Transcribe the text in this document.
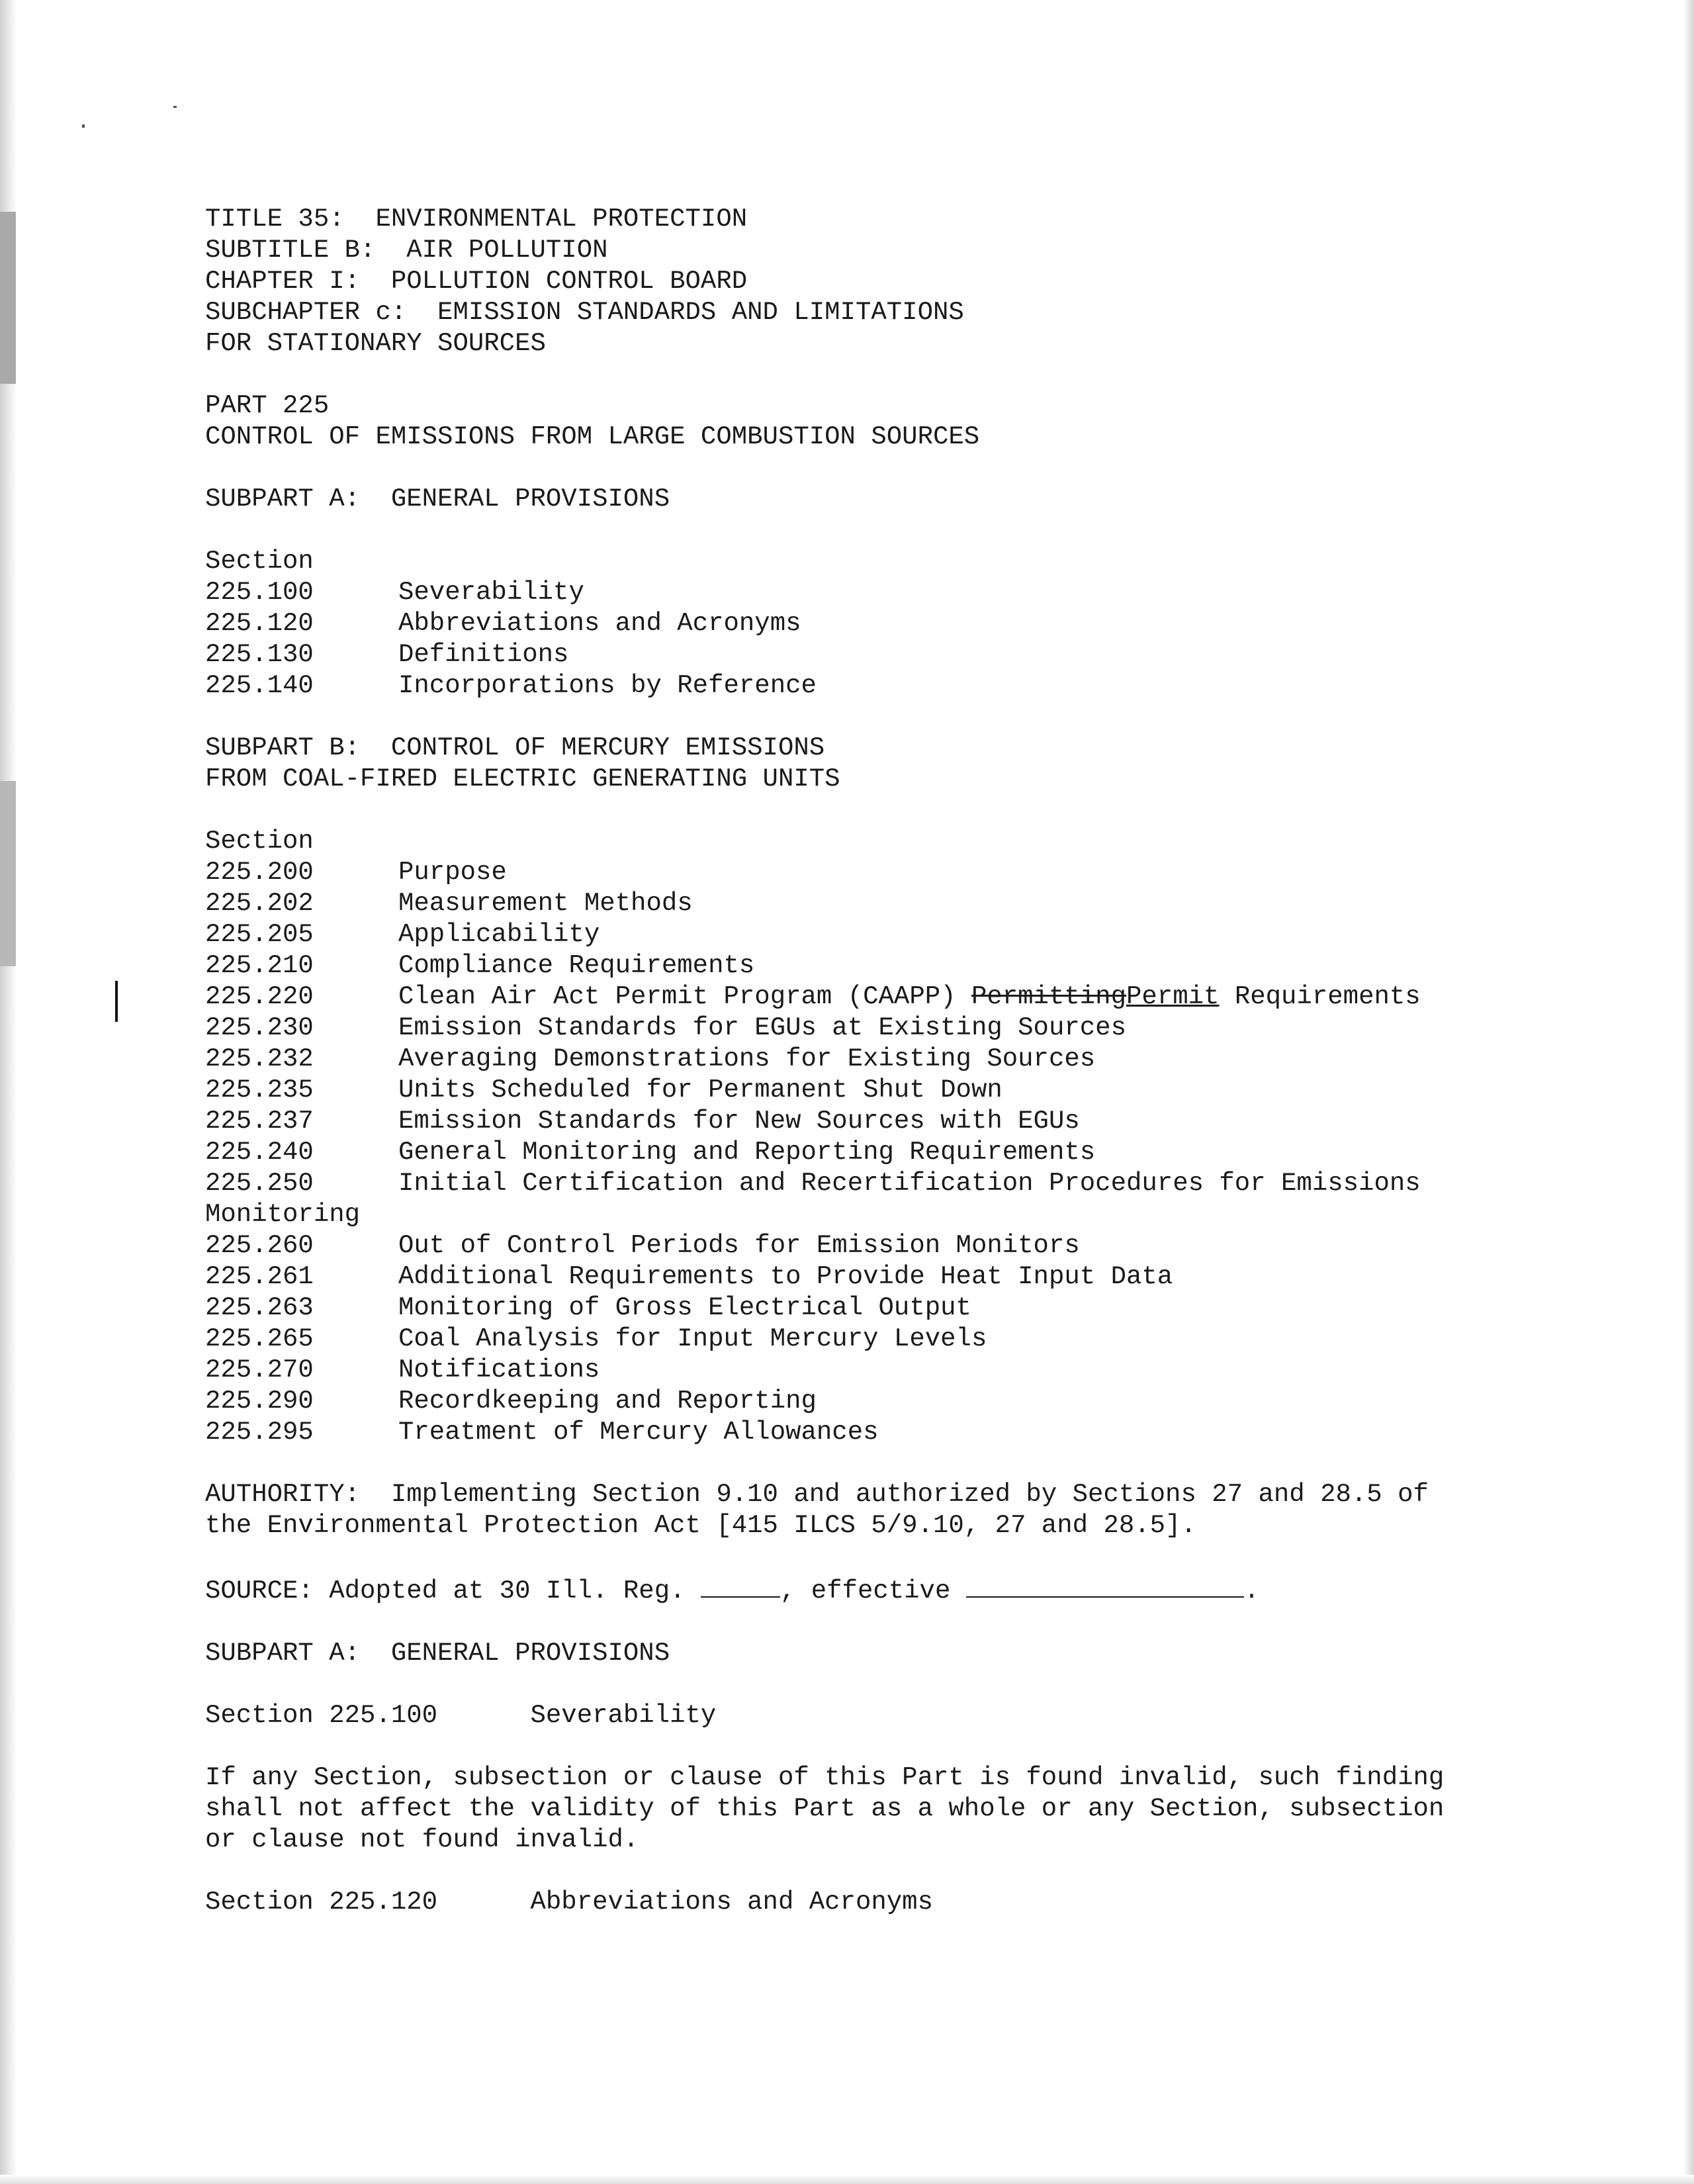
TITLE 35:  ENVIRONMENTAL PROTECTION
SUBTITLE B:  AIR POLLUTION
CHAPTER I:  POLLUTION CONTROL BOARD
SUBCHAPTER c:  EMISSION STANDARDS AND LIMITATIONS
FOR STATIONARY SOURCES
PART 225
CONTROL OF EMISSIONS FROM LARGE COMBUSTION SOURCES
SUBPART A:  GENERAL PROVISIONS
Section
225.100	Severability
225.120	Abbreviations and Acronyms
225.130	Definitions
225.140	Incorporations by Reference
SUBPART B:  CONTROL OF MERCURY EMISSIONS
FROM COAL-FIRED ELECTRIC GENERATING UNITS
Section
225.200	Purpose
225.202	Measurement Methods
225.205	Applicability
225.210	Compliance Requirements
225.220	Clean Air Act Permit Program (CAAPP) PermittingPermit Requirements
225.230	Emission Standards for EGUs at Existing Sources
225.232	Averaging Demonstrations for Existing Sources
225.235	Units Scheduled for Permanent Shut Down
225.237	Emission Standards for New Sources with EGUs
225.240	General Monitoring and Reporting Requirements
225.250	Initial Certification and Recertification Procedures for Emissions
Monitoring
225.260	Out of Control Periods for Emission Monitors
225.261	Additional Requirements to Provide Heat Input Data
225.263	Monitoring of Gross Electrical Output
225.265	Coal Analysis for Input Mercury Levels
225.270	Notifications
225.290	Recordkeeping and Reporting
225.295	Treatment of Mercury Allowances
AUTHORITY:  Implementing Section 9.10 and authorized by Sections 27 and 28.5 of
the Environmental Protection Act [415 ILCS 5/9.10, 27 and 28.5].
SOURCE: Adopted at 30 Ill. Reg.	, effective	.
SUBPART A:  GENERAL PROVISIONS
Section 225.100      Severability
If any Section, subsection or clause of this Part is found invalid, such finding
shall not affect the validity of this Part as a whole or any Section, subsection
or clause not found invalid.
Section 225.120      Abbreviations and Acronyms
